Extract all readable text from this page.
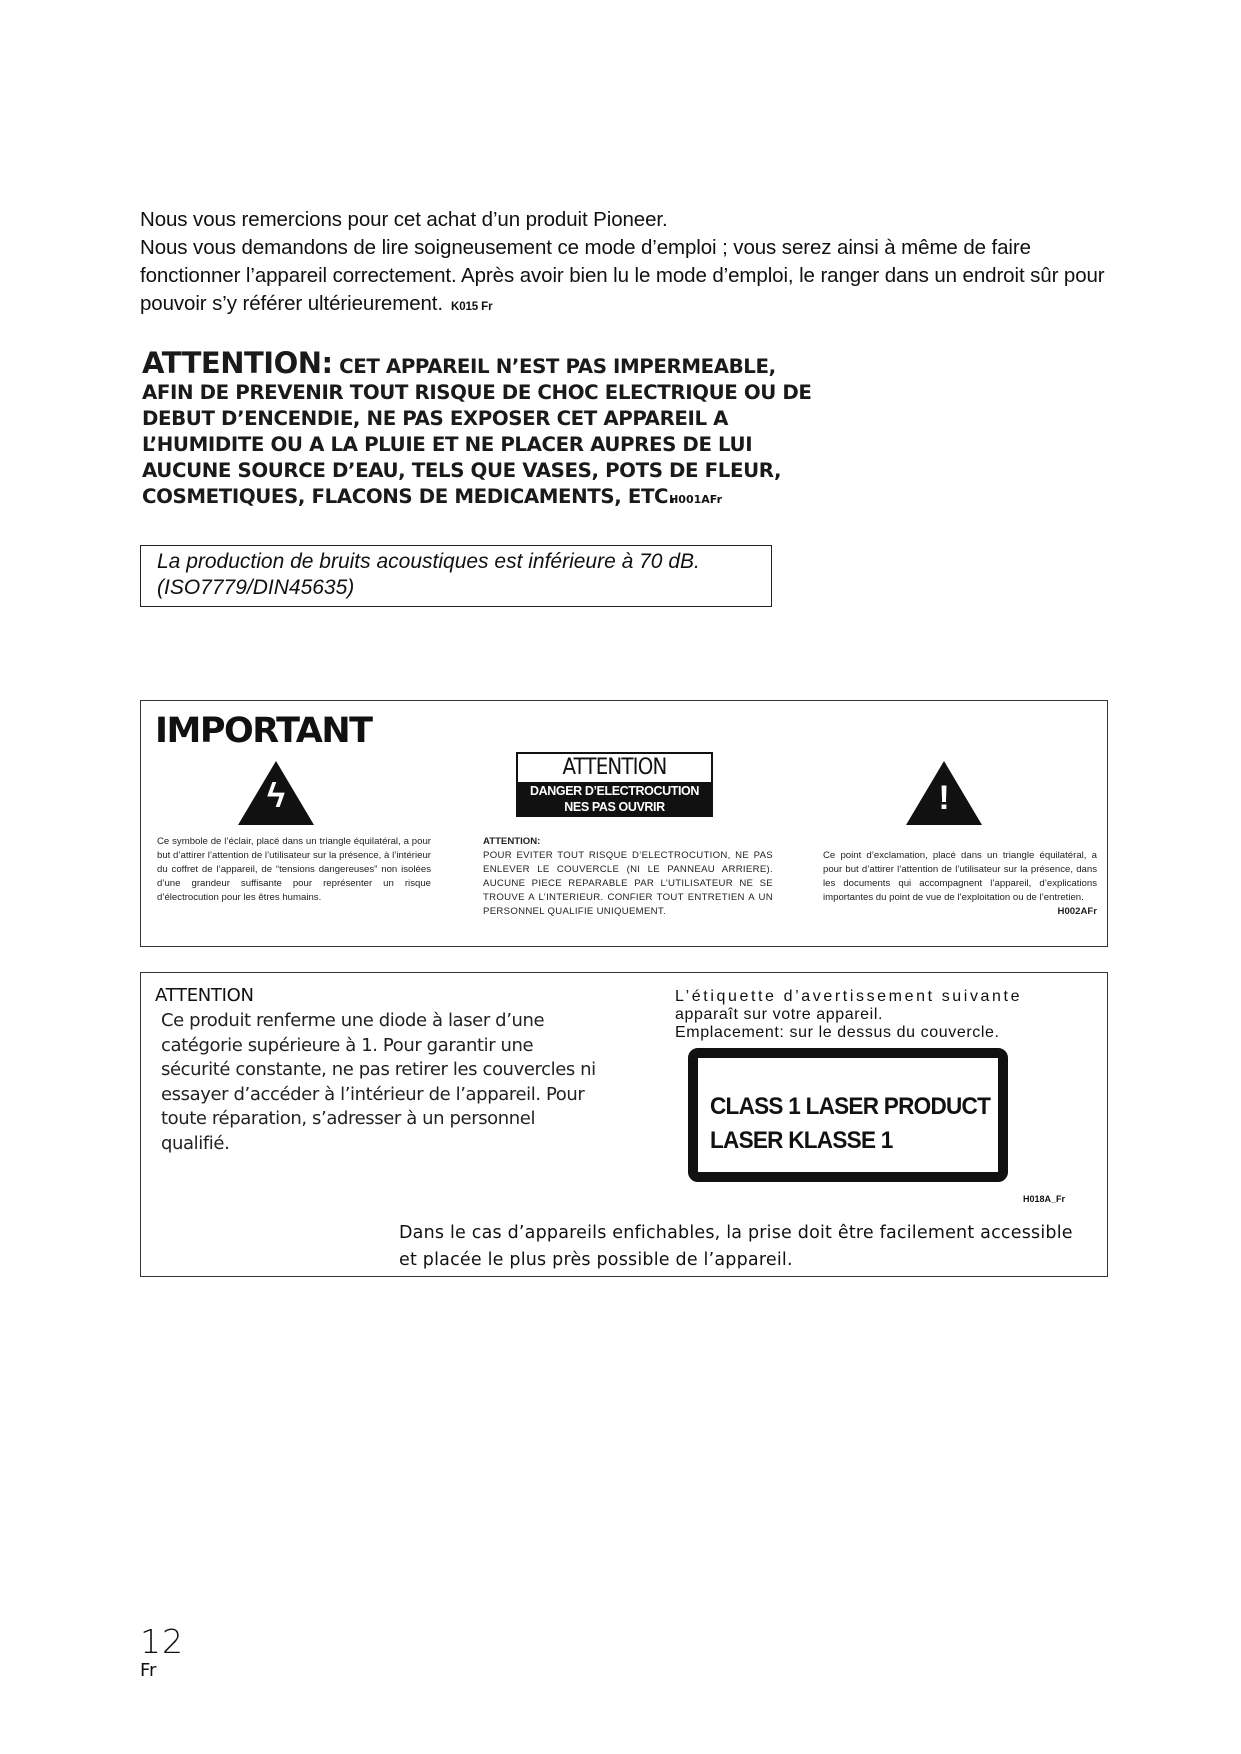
Nous vous remercions pour cet achat d’un produit Pioneer.

Nous vous demandons de lire soigneusement ce mode d’emploi ; vous serez ainsi à même de faire fonctionner l’appareil correctement. Après avoir bien lu le mode d’emploi, le ranger dans un endroit sûr pour pouvoir s’y référer ultérieurement. K015 Fr

ATTENTION: CET APPAREIL N’EST PAS IMPERMEABLE,
AFIN DE PREVENIR TOUT RISQUE DE CHOC ELECTRIQUE OU DE
DEBUT D’ENCENDIE, NE PAS EXPOSER CET APPAREIL A
L’HUMIDITE OU A LA PLUIE ET NE PLACER AUPRES DE LUI
AUCUNE SOURCE D’EAU, TELS QUE VASES, POTS DE FLEUR,
COSMETIQUES, FLACONS DE MEDICAMENTS, ETC.
H001AFr
La production de bruits acoustiques est inférieure à 70 dB.
(ISO7779/DIN45635)
IMPORTANT
ϟ
ATTENTION
DANGER D’ELECTROCUTION
NES PAS OUVRIR	!
Ce symbole de l’éclair, placé dans un triangle équilatéral, a pour but d’attirer l’attention de l’utilisateur sur la présence, à l’intérieur du coffret de l’appareil, de “tensions dangereuses” non isolées d’une grandeur suffisante pour représenter un risque d’électrocution pour les êtres humains.
ATTENTION:
POUR EVITER TOUT RISQUE D’ELECTROCUTION, NE PAS ENLEVER LE COUVERCLE (NI LE PANNEAU ARRIERE). AUCUNE PIECE REPARABLE PAR L’UTILISATEUR NE SE TROUVE A L’INTERIEUR. CONFIER TOUT ENTRETIEN A UN PERSONNEL QUALIFIE UNIQUEMENT.
Ce point d’exclamation, placé dans un triangle équilatéral, a pour but d’attirer l’attention de l’utilisateur sur la présence, dans les documents qui accompagnent l’appareil, d’explications importantes du point de vue de l’exploitation ou de l’entretien.
H002AFr
ATTENTION
Ce produit renferme une diode à laser d’une catégorie supérieure à 1. Pour garantir une sécurité constante, ne pas retirer les couvercles ni essayer d’accéder à l’intérieur de l’appareil. Pour toute réparation, s’adresser à un personnel qualifié.
L’étiquette d’avertissement suivante
apparaît sur votre appareil.
Emplacement: sur le dessus du couvercle.
CLASS 1 LASER PRODUCT
LASER KLASSE 1
H018A_Fr
Dans le cas d’appareils enfichables, la prise doit être facilement accessible et placée le plus près possible de l’appareil.
12
Fr
